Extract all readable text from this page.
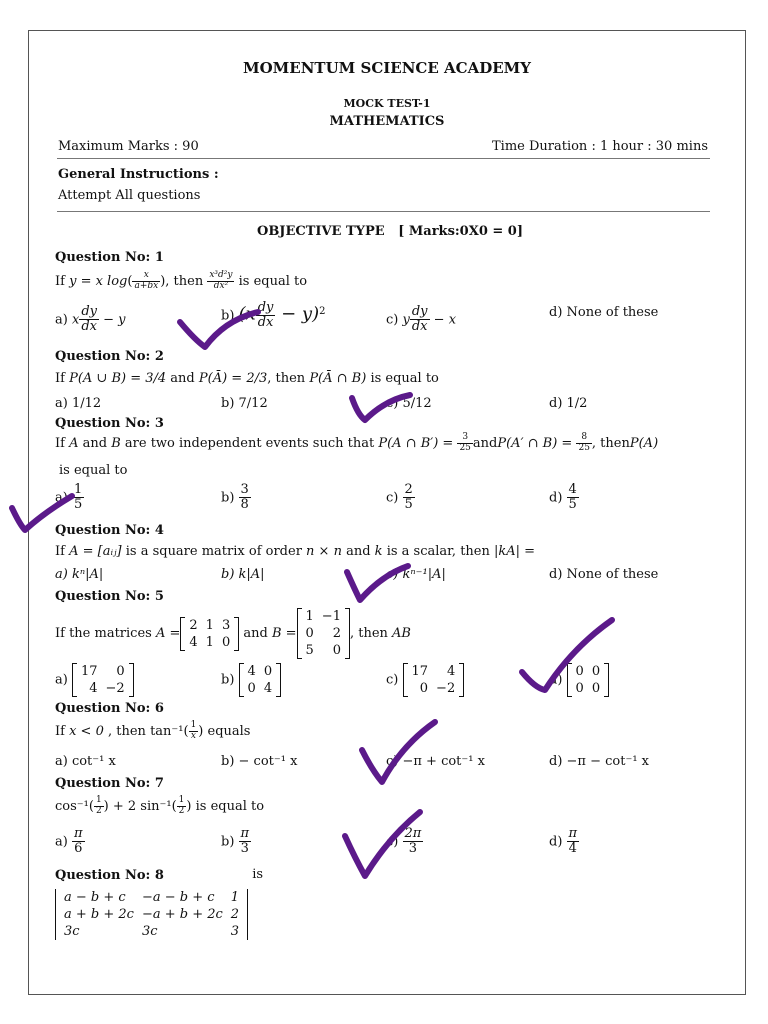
MOMENTUM SCIENCE ACADEMY
MOCK TEST-1
MATHEMATICS
Maximum Marks : 90	Time Duration : 1 hour : 30 mins
General Instructions :
Attempt All questions
OBJECTIVE TYPE [ Marks:0X0 = 0]
Question No: 1
If y = x $\log( \frac{x}{a+bx}$ ), then $\frac{\text{x³d²y}}{\text{dx²}}$ is equal to
a) x $\frac{dy}{dx} - y$	b) $(x \frac{dy}{dx} - y)^2$
c) y $\frac{dy}{dx} - x$	d) None of these
Question No: 2
If P(A ∪ B) = 3/4 and P(Ā) = 2/3, then P(Ā ∩ B) is equal to
a) 1/12	b) 7/12	c) 5/12	d) 1/2
Question No: 3
If A and B are two independent events such that P(A ∩ $B') = \frac{3}{25}$ andP(A′ ∩ $B) = \frac{8}{25}$ , thenP(A)
is equal to
$a) \frac{1}{5}$	$b) \frac{3}{8}$	$c) \frac{2}{5}$	$d) \frac{4}{5}$
Question No: 4
If A = [aᵢⱼ] is a square matrix of order n × n and k is a scalar, then |kA| =
a) kⁿ|A|	b) k|A|	c) kⁿ⁻¹|A|	d) None of these
Question No: 5
If the matrices A =
2	1	3
4	1	0
and B =
1	−1
0	2
5	0
, then AB
a)
17	0
4	−2
b)
4	0
0	4
c)
17	4
0	−2
d)
0	0
0	0
Question No: 6
If x < 0 , then $\tan^{-1}( \frac{1}{x}$ ) equals
a) cot⁻¹ x	b) − cot⁻¹ x	c) −π + cot⁻¹ x	d) −π − cot⁻¹ x
Question No: 7
$\cos^{-1}( \frac{1}{2}$ ) + 2 $\sin^{-1}( \frac{1}{2}$ ) is equal to
$a) \frac{\pi}{6}$	$b) \frac{\pi}{3}$	$c) \frac{2\pi}{3}$	$d) \frac{\pi}{4}$
Question No: 8
a − b + c	−a − b + c	1
a + b + 2c	−a + b + 2c	2
3c	3c	3
is
